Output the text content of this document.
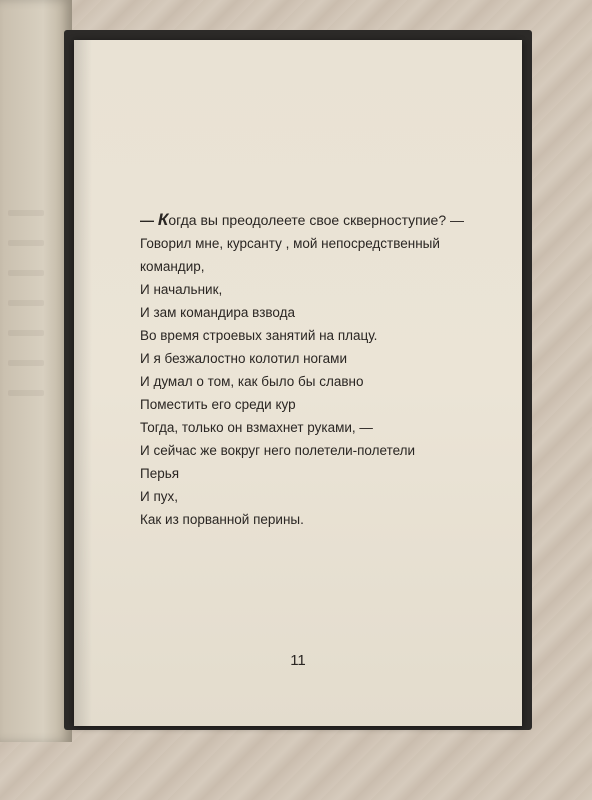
— Когда вы преодолеете свое скверноступие? —
Говорил мне, курсанту , мой непосредственный
командир,
И начальник,
И зам командира взвода
Во время строевых занятий на плацу.
И я безжалостно колотил ногами
И думал о том, как было бы славно
Поместить его среди кур
Тогда, только он взмахнет руками, —
И сейчас же вокруг него полетели-полетели
Перья
И пух,
Как из порванной перины.
11
